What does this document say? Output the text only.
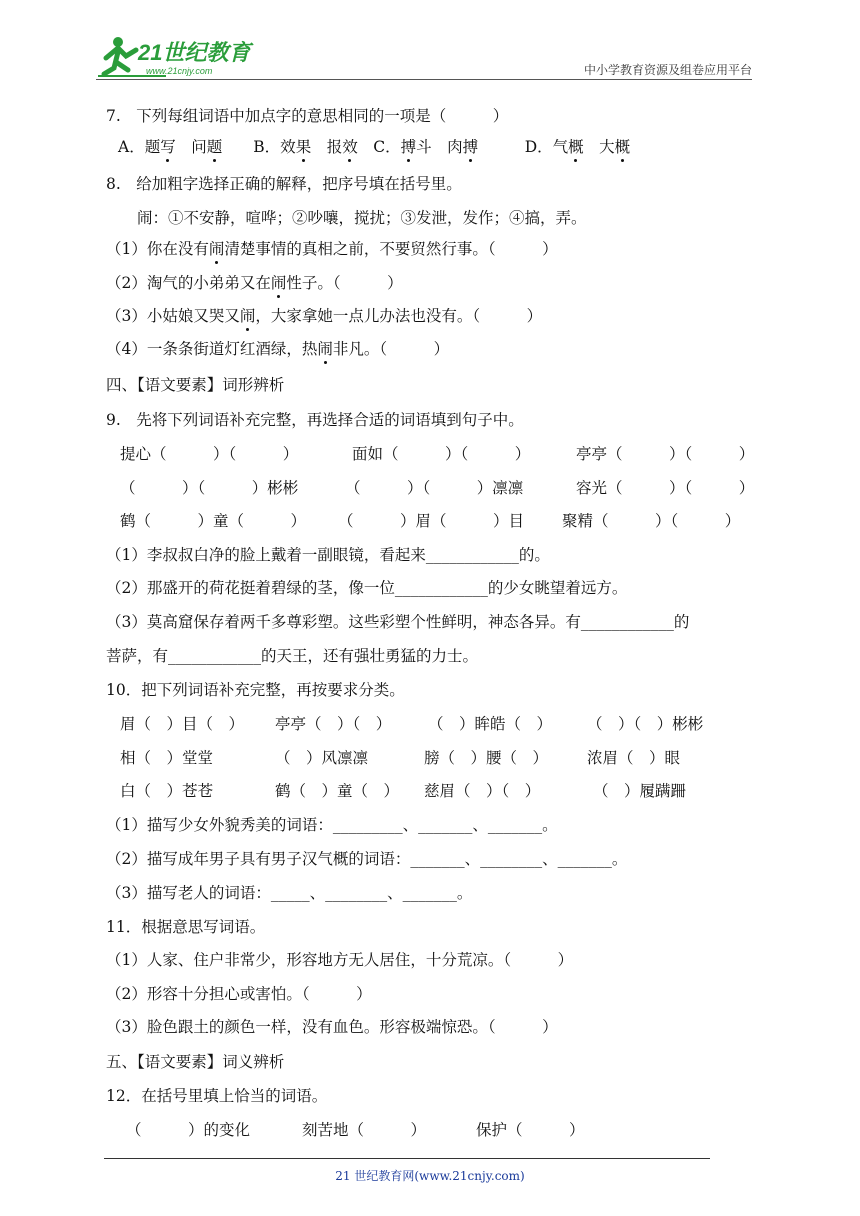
21世纪教育
www.21cnjy.com	中小学教育资源及组卷应用平台
7.　下列每组词语中加点字的意思相同的一项是（　　　）
A．题写　问题　　 B．效果　报效　 C．搏斗　肉搏　　　	D．气概　大概
8.　给加粗字选择正确的解释，把序号填在括号里。
闹：①不安静，喧哗；②吵嚷，搅扰；③发泄，发作；④搞，弄。
（1）你在没有闹清楚事情的真相之前，不要贸然行事。（　　　）
（2）淘气的小弟弟又在闹性子。（　　　）
（3）小姑娘又哭又闹，大家拿她一点儿办法也没有。（　　　）
（4）一条条街道灯红酒绿，热闹非凡。（　　　）
四、【语文要素】词形辨析
9.　先将下列词语补充完整，再选择合适的词语填到句子中。
提心（　　　）（　　　）	面如（　　　）（　　　）	亭亭（　　　）（　　　）
（　　　）（　　　）彬彬	（　　　）（　　　）凛凛	容光（　　　）（　　　）
鹤（　　　）童（　　　） （　　　）眉（　　　）目 聚精（　　　）（　　　）
（1）李叔叔白净的脸上戴着一副眼镜，看起来____________的。
（2）那盛开的荷花挺着碧绿的茎，像一位____________的少女眺望着远方。
（3）莫高窟保存着两千多尊彩塑。这些彩塑个性鲜明，神态各异。有____________的
菩萨，有____________的天王，还有强壮勇猛的力士。
10．把下列词语补充完整，再按要求分类。
眉（　）目（　） 亭亭（　）（　） （　）眸皓（　） （　）（　）彬彬
相（　）堂堂	（　）风凛凛	膀（　）腰（　）	浓眉（　）眼
白（　）苍苍	鹤（　）童（　） 慈眉（　）（　）	（　）履蹒跚
（1）描写少女外貌秀美的词语：_________、_______、_______。
（2）描写成年男子具有男子汉气概的词语：_______、________、_______。
（3）描写老人的词语：_____、________、_______。
11．根据意思写词语。
（1）人家、住户非常少，形容地方无人居住，十分荒凉。（　　　）
（2）形容十分担心或害怕。（　　　）
（3）脸色跟土的颜色一样，没有血色。形容极端惊恐。（　　　）
五、【语文要素】词义辨析
12．在括号里填上恰当的词语。
（　　　）的变化	刻苦地（　　　）	保护（　　　）
21 世纪教育网(www.21cnjy.com)
